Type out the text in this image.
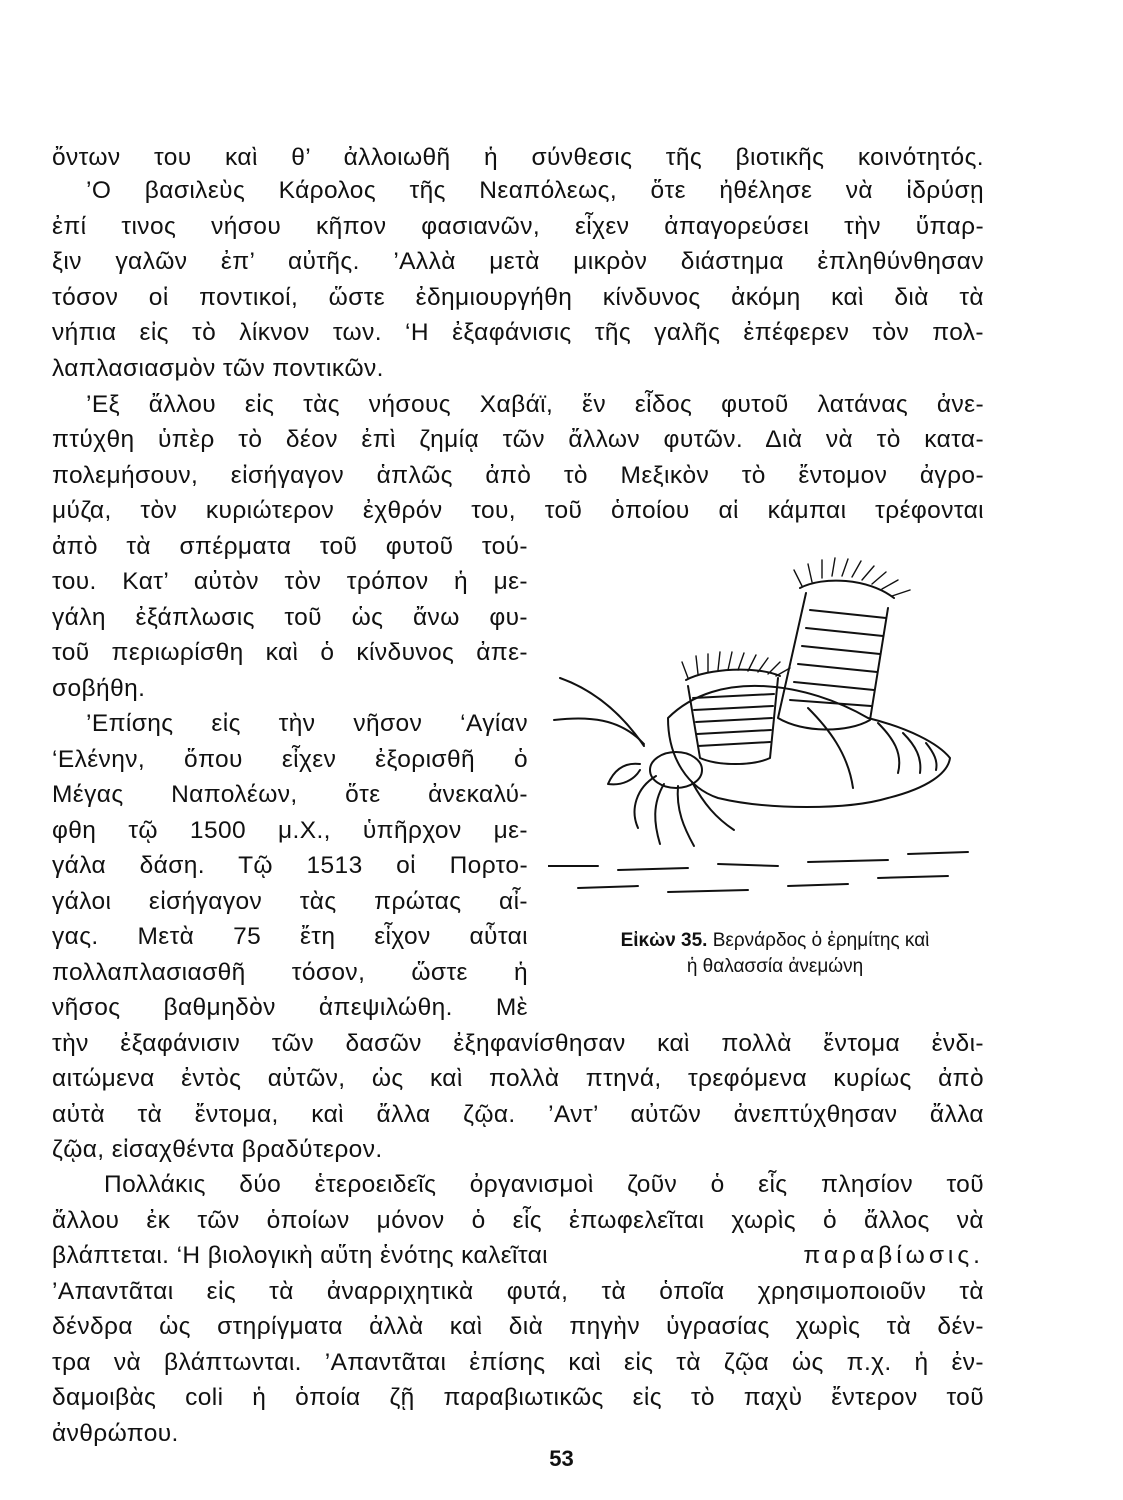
ὄντων του καὶ θ’ ἀλλοιωθῆ ἡ σύνθεσις τῆς βιοτικῆς κοινότητός.

’Ο βασιλεὺς Κάρολος τῆς Νεαπόλεως, ὅτε ἠθέλησε νὰ ἱδρύσῃ

ἐπί τινος νήσου κῆπον φασιανῶν, εἶχεν ἀπαγορεύσει τὴν ὕπαρ-

ξιν γαλῶν ἐπ’ αὐτῆς. ’Αλλὰ μετὰ μικρὸν διάστημα ἐπληθύνθησαν

τόσον οἱ ποντικοί, ὥστε ἐδημιουργήθη κίνδυνος ἀκόμη καὶ διὰ τὰ

νήπια εἰς τὸ λίκνον των. ‘Η ἐξαφάνισις τῆς γαλῆς ἐπέφερεν τὸν πολ-

λαπλασιασμὸν τῶν ποντικῶν.

’Εξ ἄλλου εἰς τὰς νήσους Χαβάϊ, ἕν εἶδος φυτοῦ λατάνας ἀνε-

πτύχθη ὑπὲρ τὸ δέον ἐπὶ ζημίᾳ τῶν ἄλλων φυτῶν. Διὰ νὰ τὸ κατα-

πολεμήσουν, εἰσήγαγον ἁπλῶς ἀπὸ τὸ Μεξικὸν τὸ ἔντομον ἀγρο-

μύζα, τὸν κυριώτερον ἐχθρόν του, τοῦ ὁποίου αἱ κάμπαι τρέφονται

ἀπὸ τὰ σπέρματα τοῦ φυτοῦ τού-

του. Κατ’ αὐτὸν τὸν τρόπον ἡ με-

γάλη ἐξάπλωσις τοῦ ὡς ἄνω φυ-

τοῦ περιωρίσθη καὶ ὁ κίνδυνος ἀπε-

σοβήθη.

’Επίσης εἰς τὴν νῆσον ‘Αγίαν

‘Ελένην, ὅπου εἶχεν ἐξορισθῆ ὁ

Μέγας Ναπολέων, ὅτε ἀνεκαλύ-

φθη τῷ 1500 μ.Χ., ὑπῆρχον με-

γάλα δάση. Τῷ 1513 οἱ Πορτο-

γάλοι εἰσήγαγον τὰς πρώτας αἶ-

γας. Μετὰ 75 ἔτη εἶχον αὗται

πολλαπλασιασθῆ τόσον, ὥστε ἡ

νῆσος βαθμηδὸν ἀπεψιλώθη. Μὲ

τὴν ἐξαφάνισιν τῶν δασῶν ἐξηφανίσθησαν καὶ πολλὰ ἔντομα ἐνδι-

αιτώμενα ἐντὸς αὐτῶν, ὡς καὶ πολλὰ πτηνά, τρεφόμενα κυρίως ἀπὸ

αὐτὰ τὰ ἔντομα, καὶ ἄλλα ζῷα. ’Αντ’ αὐτῶν ἀνεπτύχθησαν ἄλλα

ζῷα, εἰσαχθέντα βραδύτερον.

Πολλάκις δύο ἑτεροειδεῖς ὀργανισμοὶ ζοῦν ὁ εἷς πλησίον τοῦ

ἄλλου ἐκ τῶν ὁποίων μόνον ὁ εἷς ἐπωφελεῖται χωρὶς ὁ ἄλλος νὰ

βλάπτεται. ‘Η βιολογικὴ αὕτη ἑνότης καλεῖται	παραβίωσις.

’Απαντᾶται εἰς τὰ ἀναρριχητικὰ φυτά, τὰ ὁποῖα χρησιμοποιοῦν τὰ

δένδρα ὡς στηρίγματα ἀλλὰ καὶ διὰ πηγὴν ὑγρασίας χωρὶς τὰ δέν-

τρα νὰ βλάπτωνται. ’Απαντᾶται ἐπίσης καὶ εἰς τὰ ζῷα ὡς π.χ. ἡ ἐν-

δαμοιβὰς coli ἡ ὁποία ζῇ παραβιωτικῶς εἰς τὸ παχὺ ἔντερον τοῦ

ἀνθρώπου.

Εἰκὼν 35. Βερνάρδος ὁ ἐρημίτης καὶ
ἡ θαλασσία ἀνεμώνη
53
